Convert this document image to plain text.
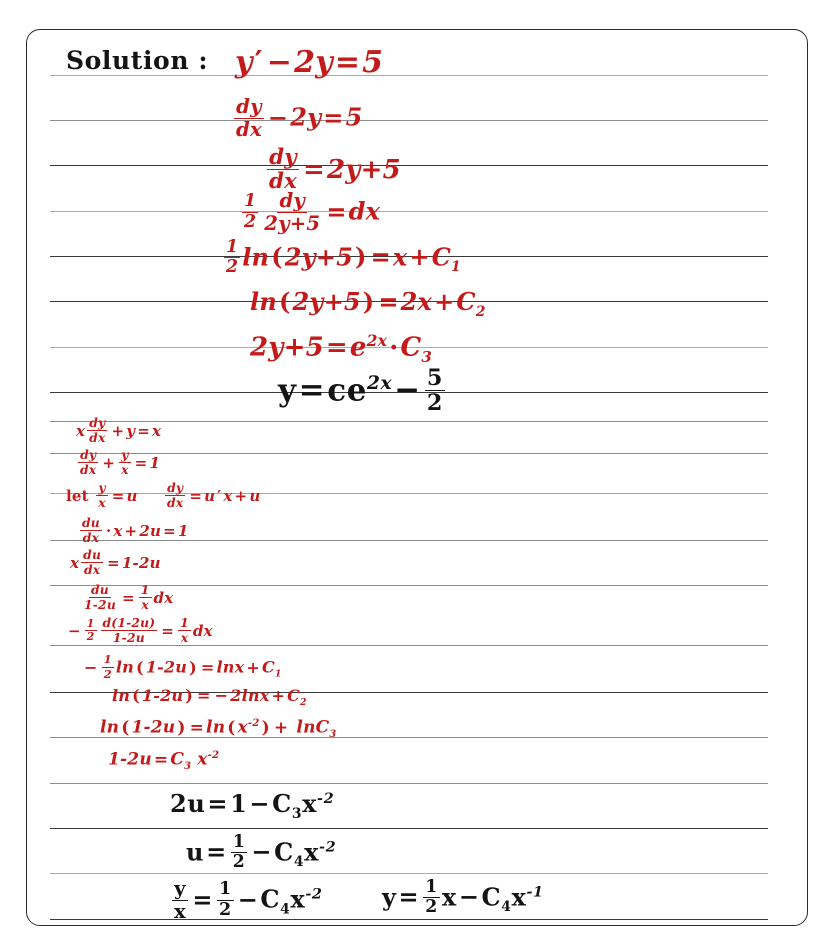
Solution : y′ −2y=5
$\frac{dy}{dx} -2y=5$
$\frac{dy}{dx} =2y+5$
$\frac{1}{2} \frac{dy}{2y+5} =dx$
$\frac{1}{2} \ln(2y+5) =x+C_1$
$\ln(2y+5) =2x+C_2$
$2y+5=e^{2x}\cdot C_3$
$y=ce^{2x}- \frac{5}{2}$
x $\frac{dy}{dx} + y = x$
$\frac{dy}{dx} + \frac{y}{x} = 1$
let $\frac{y}{x} = u \frac{dy}{dx} = u$ ′ x + u
$\frac{du}{dx} \cdot x + 2u = 1$
x $\frac{du}{dx} = 1-2u$
$\frac{du}{1-2u} = \frac{1}{x}$ dx
− $\frac{1}{2} \frac{d(1-2u)}{1-2u} = \frac{1}{x}$ dx
− $\frac{1}{2}$ ln ( 1-2u ) = $\ln x + C_1$
ln ( 1-2u ) = − $2\ln x + C_2$
ln ( 1-2u ) = ln ( $x^{-2}$ ) + lnC$_3$
$1-2u = C_3$ $x^{-2}$
$2u=1-C_3x^{-2}$
$u= \frac{1}{2} -C_4x^{-2}$
$\frac{y}{x} = \frac{1}{2} -C_4x^{-2}$ $y= \frac{1}{2} x-C_4x^{-1}$
